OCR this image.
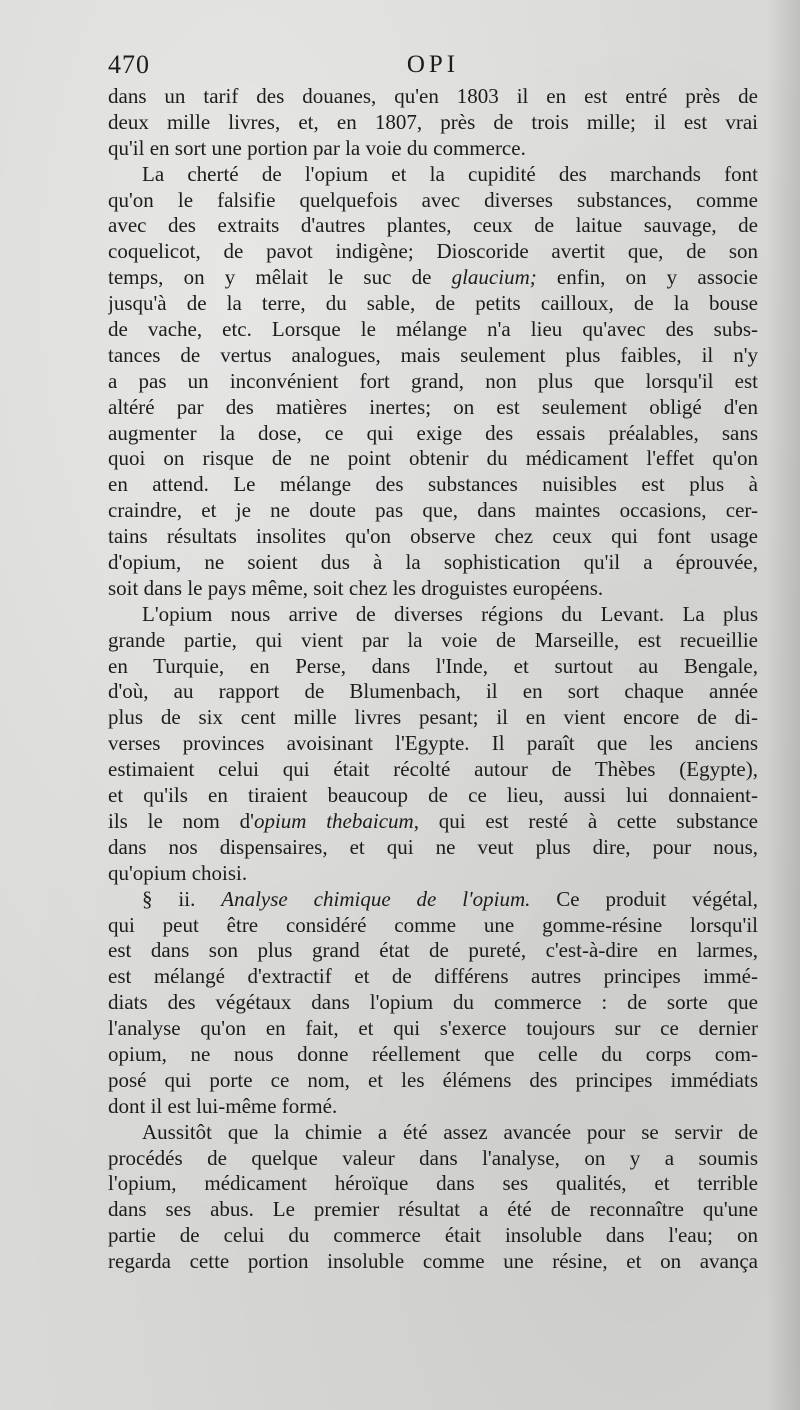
470	OPI
dans un tarif des douanes, qu'en 1803 il en est entré près de
deux mille livres, et, en 1807, près de trois mille; il est vrai
qu'il en sort une portion par la voie du commerce.
La cherté de l'opium et la cupidité des marchands font
qu'on le falsifie quelquefois avec diverses substances, comme
avec des extraits d'autres plantes, ceux de laitue sauvage, de
coquelicot, de pavot indigène; Dioscoride avertit que, de son
temps, on y mêlait le suc de glaucium; enfin, on y associe
jusqu'à de la terre, du sable, de petits cailloux, de la bouse
de vache, etc. Lorsque le mélange n'a lieu qu'avec des subs-
tances de vertus analogues, mais seulement plus faibles, il n'y
a pas un inconvénient fort grand, non plus que lorsqu'il est
altéré par des matières inertes; on est seulement obligé d'en
augmenter la dose, ce qui exige des essais préalables, sans
quoi on risque de ne point obtenir du médicament l'effet qu'on
en attend. Le mélange des substances nuisibles est plus à
craindre, et je ne doute pas que, dans maintes occasions, cer-
tains résultats insolites qu'on observe chez ceux qui font usage
d'opium, ne soient dus à la sophistication qu'il a éprouvée,
soit dans le pays même, soit chez les droguistes européens.
L'opium nous arrive de diverses régions du Levant. La plus
grande partie, qui vient par la voie de Marseille, est recueillie
en Turquie, en Perse, dans l'Inde, et surtout au Bengale,
d'où, au rapport de Blumenbach, il en sort chaque année
plus de six cent mille livres pesant; il en vient encore de di-
verses provinces avoisinant l'Egypte. Il paraît que les anciens
estimaient celui qui était récolté autour de Thèbes (Egypte),
et qu'ils en tiraient beaucoup de ce lieu, aussi lui donnaient-
ils le nom d'opium thebaicum, qui est resté à cette substance
dans nos dispensaires, et qui ne veut plus dire, pour nous,
qu'opium choisi.
§ ii. Analyse chimique de l'opium. Ce produit végétal,
qui peut être considéré comme une gomme-résine lorsqu'il
est dans son plus grand état de pureté, c'est-à-dire en larmes,
est mélangé d'extractif et de différens autres principes immé-
diats des végétaux dans l'opium du commerce : de sorte que
l'analyse qu'on en fait, et qui s'exerce toujours sur ce dernier
opium, ne nous donne réellement que celle du corps com-
posé qui porte ce nom, et les élémens des principes immédiats
dont il est lui-même formé.
Aussitôt que la chimie a été assez avancée pour se servir de
procédés de quelque valeur dans l'analyse, on y a soumis
l'opium, médicament héroïque dans ses qualités, et terrible
dans ses abus. Le premier résultat a été de reconnaître qu'une
partie de celui du commerce était insoluble dans l'eau; on
regarda cette portion insoluble comme une résine, et on avança
